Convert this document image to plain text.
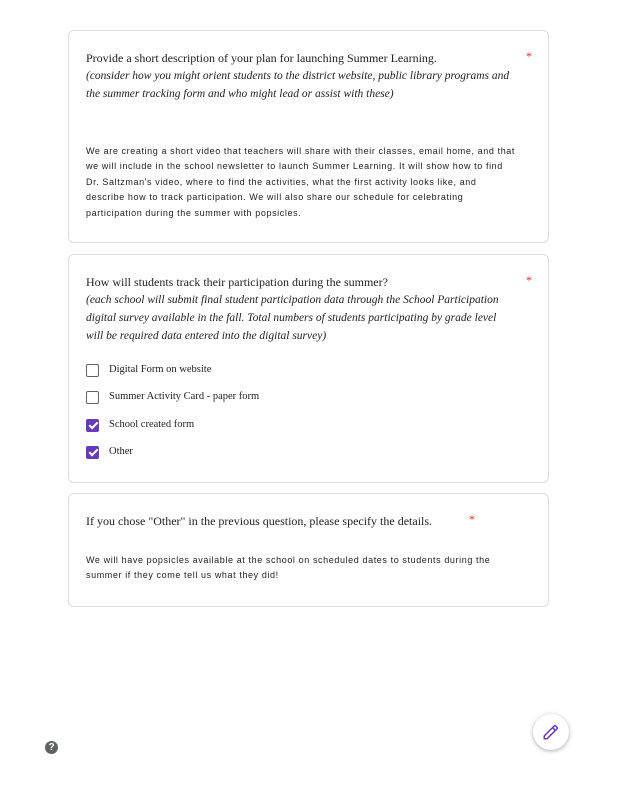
Provide a short description of your plan for launching Summer Learning.	*
(consider how you might orient students to the district website, public library programs and the summer tracking form and who might lead or assist with these)
We are creating a short video that teachers will share with their classes, email home, and that we will include in the school newsletter to launch Summer Learning. It will show how to find Dr. Saltzman's video, where to find the activities, what the first activity looks like, and describe how to track participation. We will also share our schedule for celebrating participation during the summer with popsicles.
How will students track their participation during the summer?	*
(each school will submit final student participation data through the School Participation digital survey available in the fall. Total numbers of students participating by grade level will be required data entered into the digital survey)
Digital Form on website
Summer Activity Card - paper form
School created form
Other
If you chose "Other" in the previous question, please specify the details.	*
We will have popsicles available at the school on scheduled dates to students during the summer if they come tell us what they did!
?
